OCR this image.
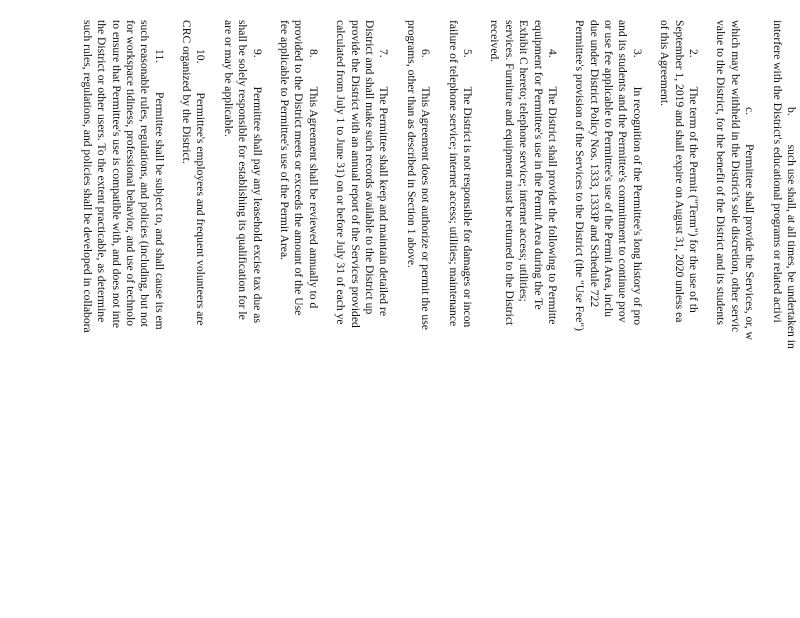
b.          such use shall, at all times, be undertaken in
interfere with the District's educational programs or related activi
c.          Permittee shall provide the Services, or, w
which may be withheld in the District's sole discretion, other servic
value to the District, for the benefit of the District and its students
2.          The term of the Permit ("Term") for the use of th
September 1, 2019 and shall expire on August 31, 2020 unless ea
of this Agreement.
3.          In recognition of the Permittee's long history of pro
and its students and the Permittee's commitment to continue prov
or use fee applicable to Permittee's use of the Permit Area, inclu
due under District Policy Nos. 1333, 1333P and Schedule 722
Permittee's provision of the Services to the District (the "Use Fee")
4.          The District shall provide the following to Permitte
equipment for Permittee's use in the Permit Area during the Te
Exhibit C hereto; telephone service; internet access; utilities;
services. Furniture and equipment must be returned to the District
received.
5.          The District is not responsible for damages or incon
failure of telephone service; internet access; utilities; maintenance
6.          This Agreement does not authorize or permit the use
programs, other than as described in Section 1 above.
7.          The Permittee shall keep and maintain detailed re
District and shall make such records available to the District up
provide the District with an annual report of the Services provided
calculated from July 1 to June 31) on or before July 31 of each ye
8.          This Agreement shall be reviewed annually to d
provided to the District meets or exceeds the amount of the Use
fee applicable to Permittee's use of the Permit Area.
9.          Permittee shall pay any leasehold excise tax due as
shall be solely responsible for establishing its qualification for le
are or may be applicable.
10.          Permittee's employees and frequent volunteers are
CRC organized by the District.
11.          Permittee shall be subject to, and shall cause its em
such reasonable rules, regulations, and policies (including, but not
for workspace tidiness, professional behavior, and use of technolo
to ensure that Permittee's use is compatible with, and does not inte
the District or other users. To the extent practicable, as determine
such rules, regulations, and policies shall be developed in collabora
